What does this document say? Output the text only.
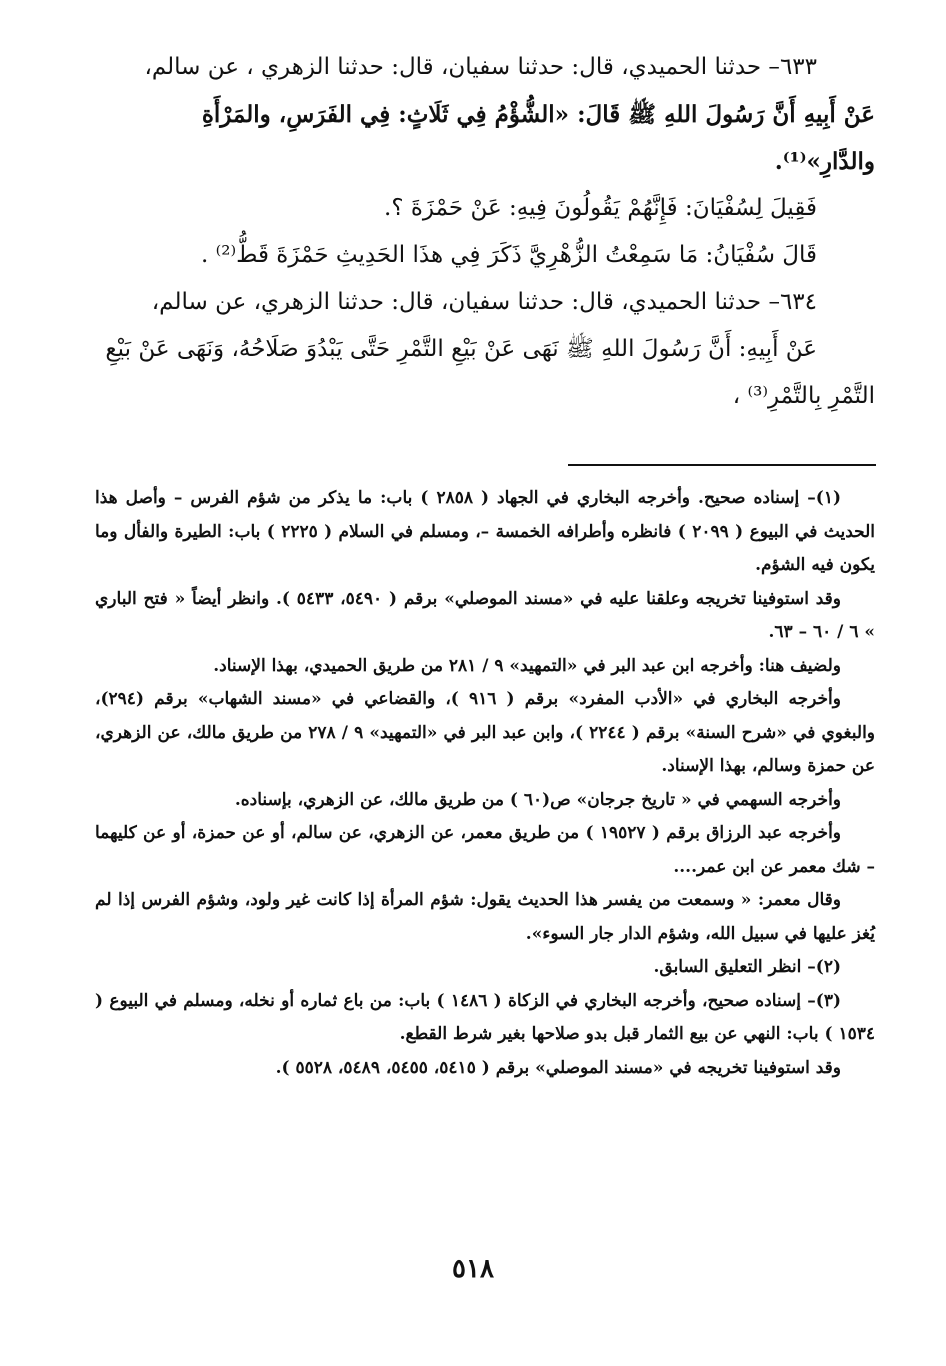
٦٣٣– حدثنا الحميدي، قال: حدثنا سفيان، قال: حدثنا الزهري ، عن سالم،

عَنْ أَبِيهِ أَنَّ رَسُولَ اللهِ ﷺ قَالَ: «الشُّؤْمُ فِي ثَلَاثٍ: فِي الفَرَسِ، والمَرْأَةِ

والدَّارِ»⁽¹⁾.

فَقِيلَ لِسُفْيَانَ: فَإِنَّهُمْ يَقُولُونَ فِيهِ: عَنْ حَمْزَةَ ؟.

قَالَ سُفْيَانُ: مَا سَمِعْتُ الزُّهْرِيَّ ذَكَرَ فِي هذَا الحَدِيثِ حَمْزَةَ قَطُّ⁽²⁾ .

٦٣٤– حدثنا الحميدي، قال: حدثنا سفيان، قال: حدثنا الزهري، عن سالم،

عَنْ أَبِيهِ: أَنَّ رَسُولَ اللهِ ﷺ نَهَى عَنْ بَيْعِ التَّمْرِ حَتَّى يَبْدُوَ صَلَاحُهُ، وَنَهَى عَنْ بَيْعِ

التَّمْرِ بِالتَّمْرِ⁽³⁾ ،

(١)– إسناده صحيح. وأخرجه البخاري في الجهاد ( ٢٨٥٨ ) باب: ما يذكر من شؤم الفرس – وأصل هذا الحديث في البيوع ( ٢٠٩٩ ) فانظره وأطرافه الخمسة –، ومسلم في السلام ( ٢٢٢٥ ) باب: الطيرة والفأل وما يكون فيه الشؤم.

وقد استوفينا تخريجه وعلقنا عليه في «مسند الموصلي» برقم ( ٥٤٩٠، ٥٤٣٣ ). وانظر أيضاً « فتح الباري » ٦ / ٦٠ – ٦٣.

ولضيف هنا: وأخرجه ابن عبد البر في «التمهيد» ٩ / ٢٨١ من طريق الحميدي، بهذا الإسناد.

وأخرجه البخاري في «الأدب المفرد» برقم ( ٩١٦ )، والقضاعي في «مسند الشهاب» برقم (٢٩٤)، والبغوي في «شرح السنة» برقم ( ٢٢٤٤ )، وابن عبد البر في «التمهيد» ٩ / ٢٧٨ من طريق مالك، عن الزهري، عن حمزة وسالم، بهذا الإسناد.

وأخرجه السهمي في « تاريخ جرجان» ص(٦٠ ) من طريق مالك، عن الزهري، بإسناده.

وأخرجه عبد الرزاق برقم ( ١٩٥٢٧ ) من طريق معمر، عن الزهري، عن سالم، أو عن حمزة، أو عن كليهما – شك معمر عن ابن عمر....

وقال معمر: « وسمعت من يفسر هذا الحديث يقول: شؤم المرأة إذا كانت غير ولود، وشؤم الفرس إذا لم يُغز عليها في سبيل الله، وشؤم الدار جار السوء».

(٢)– انظر التعليق السابق.

(٣)– إسناده صحيح، وأخرجه البخاري في الزكاة ( ١٤٨٦ ) باب: من باع ثماره أو نخله، ومسلم في البيوع ( ١٥٣٤ ) باب: النهي عن بيع الثمار قبل بدو صلاحها بغير شرط القطع.

وقد استوفينا تخريجه في «مسند الموصلي» برقم ( ٥٤١٥، ٥٤٥٥، ٥٤٨٩، ٥٥٢٨ ).

٥١٨
